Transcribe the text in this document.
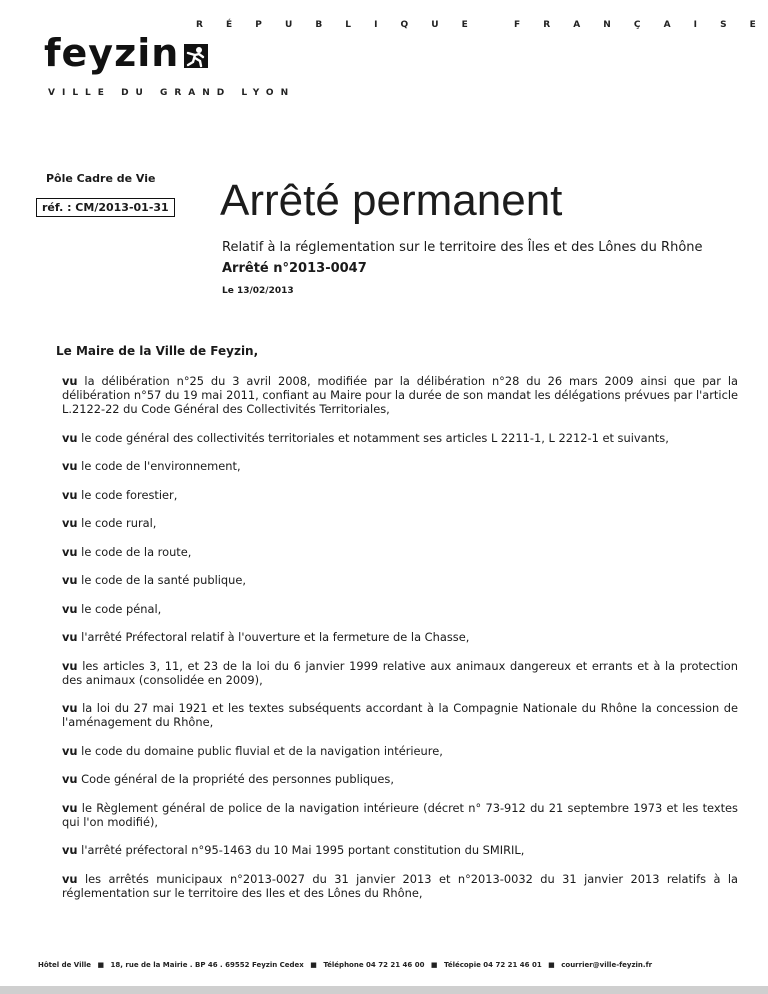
R	É	P	U	B	L	I	Q	U	E	F	R	A	N	Ç	A	I	S	E
feyzin
VILLE DU GRAND LYON
Pôle Cadre de Vie
réf. : CM/2013-01-31 Arrêté permanent
Relatif à la réglementation sur le territoire des Îles et des Lônes du Rhône
Arrêté n°2013-0047
Le 13/02/2013
Le Maire de la Ville de Feyzin,
vu la délibération n°25 du 3 avril 2008, modifiée par la délibération n°28 du 26 mars 2009 ainsi que par la délibération n°57 du 19 mai 2011, confiant au Maire pour la durée de son mandat les délégations prévues par l'article L.2122-22 du Code Général des Collectivités Territoriales,
vu le code général des collectivités territoriales et notamment ses articles L 2211-1, L 2212-1 et suivants,
vu le code de l'environnement,
vu le code forestier,
vu le code rural,
vu le code de la route,
vu le code de la santé publique,
vu le code pénal,
vu l'arrêté Préfectoral relatif à l'ouverture et la fermeture de la Chasse,
vu les articles 3, 11, et 23 de la loi du 6 janvier 1999 relative aux animaux dangereux et errants et à la protection des animaux (consolidée en 2009),
vu la loi du 27 mai 1921 et les textes subséquents accordant à la Compagnie Nationale du Rhône la concession de l'aménagement du Rhône,
vu le code du domaine public fluvial et de la navigation intérieure,
vu Code général de la propriété des personnes publiques,
vu le Règlement général de police de la navigation intérieure (décret n° 73-912 du 21 septembre 1973 et les textes qui l'on modifié),
vu l'arrêté préfectoral n°95-1463 du 10 Mai 1995 portant constitution du SMIRIL,
vu les arrêtés municipaux n°2013-0027 du 31 janvier 2013 et n°2013-0032 du 31 janvier 2013 relatifs à la réglementation sur le territoire des Iles et des Lônes du Rhône,
Hôtel de Ville ■ 18, rue de la Mairie . BP 46 . 69552 Feyzin Cedex ■ Téléphone 04 72 21 46 00 ■ Télécopie 04 72 21 46 01 ■ courrier@ville-feyzin.fr
